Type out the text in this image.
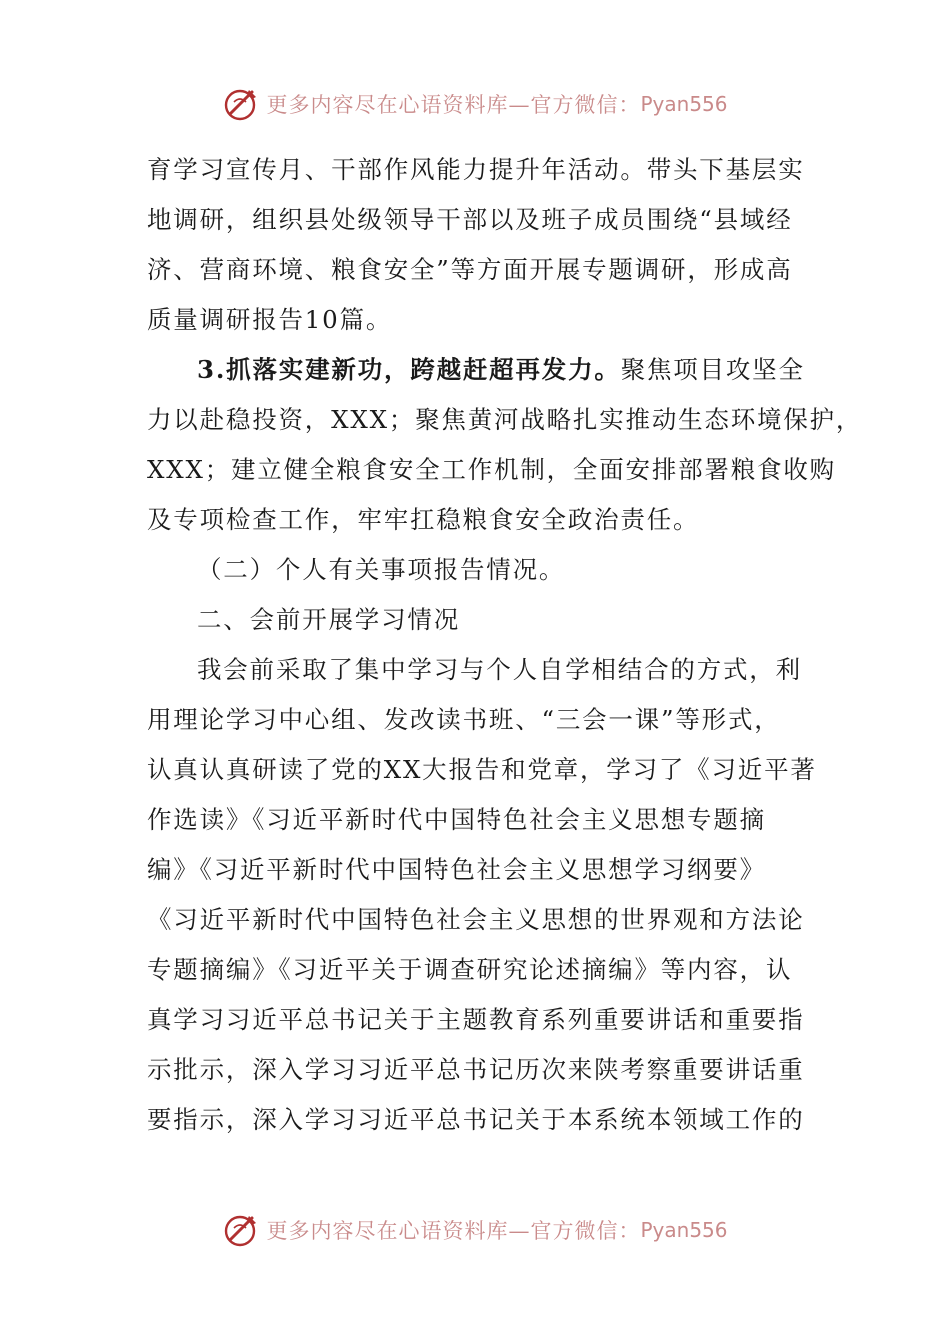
更多内容尽在心语资料库—官方微信： Pyan556
育学习宣传月、干部作风能力提升年活动。带头下基层实
地调研，组织县处级领导干部以及班子成员围绕“县域经
济、营商环境、粮食安全”等方面开展专题调研，形成高
质量调研报告10篇。
3.抓落实建新功，跨越赶超再发力。聚焦项目攻坚全
力以赴稳投资，XXX；聚焦黄河战略扎实推动生态环境保护，
XXX；建立健全粮食安全工作机制，全面安排部署粮食收购
及专项检查工作，牢牢扛稳粮食安全政治责任。
（二）个人有关事项报告情况。
二、会前开展学习情况
我会前采取了集中学习与个人自学相结合的方式，利
用理论学习中心组、发改读书班、“三会一课”等形式，
认真认真研读了党的XX大报告和党章，学习了《习近平著
作选读》《习近平新时代中国特色社会主义思想专题摘
编》《习近平新时代中国特色社会主义思想学习纲要》
《习近平新时代中国特色社会主义思想的世界观和方法论
专题摘编》《习近平关于调查研究论述摘编》等内容，认
真学习习近平总书记关于主题教育系列重要讲话和重要指
示批示，深入学习习近平总书记历次来陕考察重要讲话重
要指示，深入学习习近平总书记关于本系统本领域工作的
更多内容尽在心语资料库—官方微信： Pyan556
